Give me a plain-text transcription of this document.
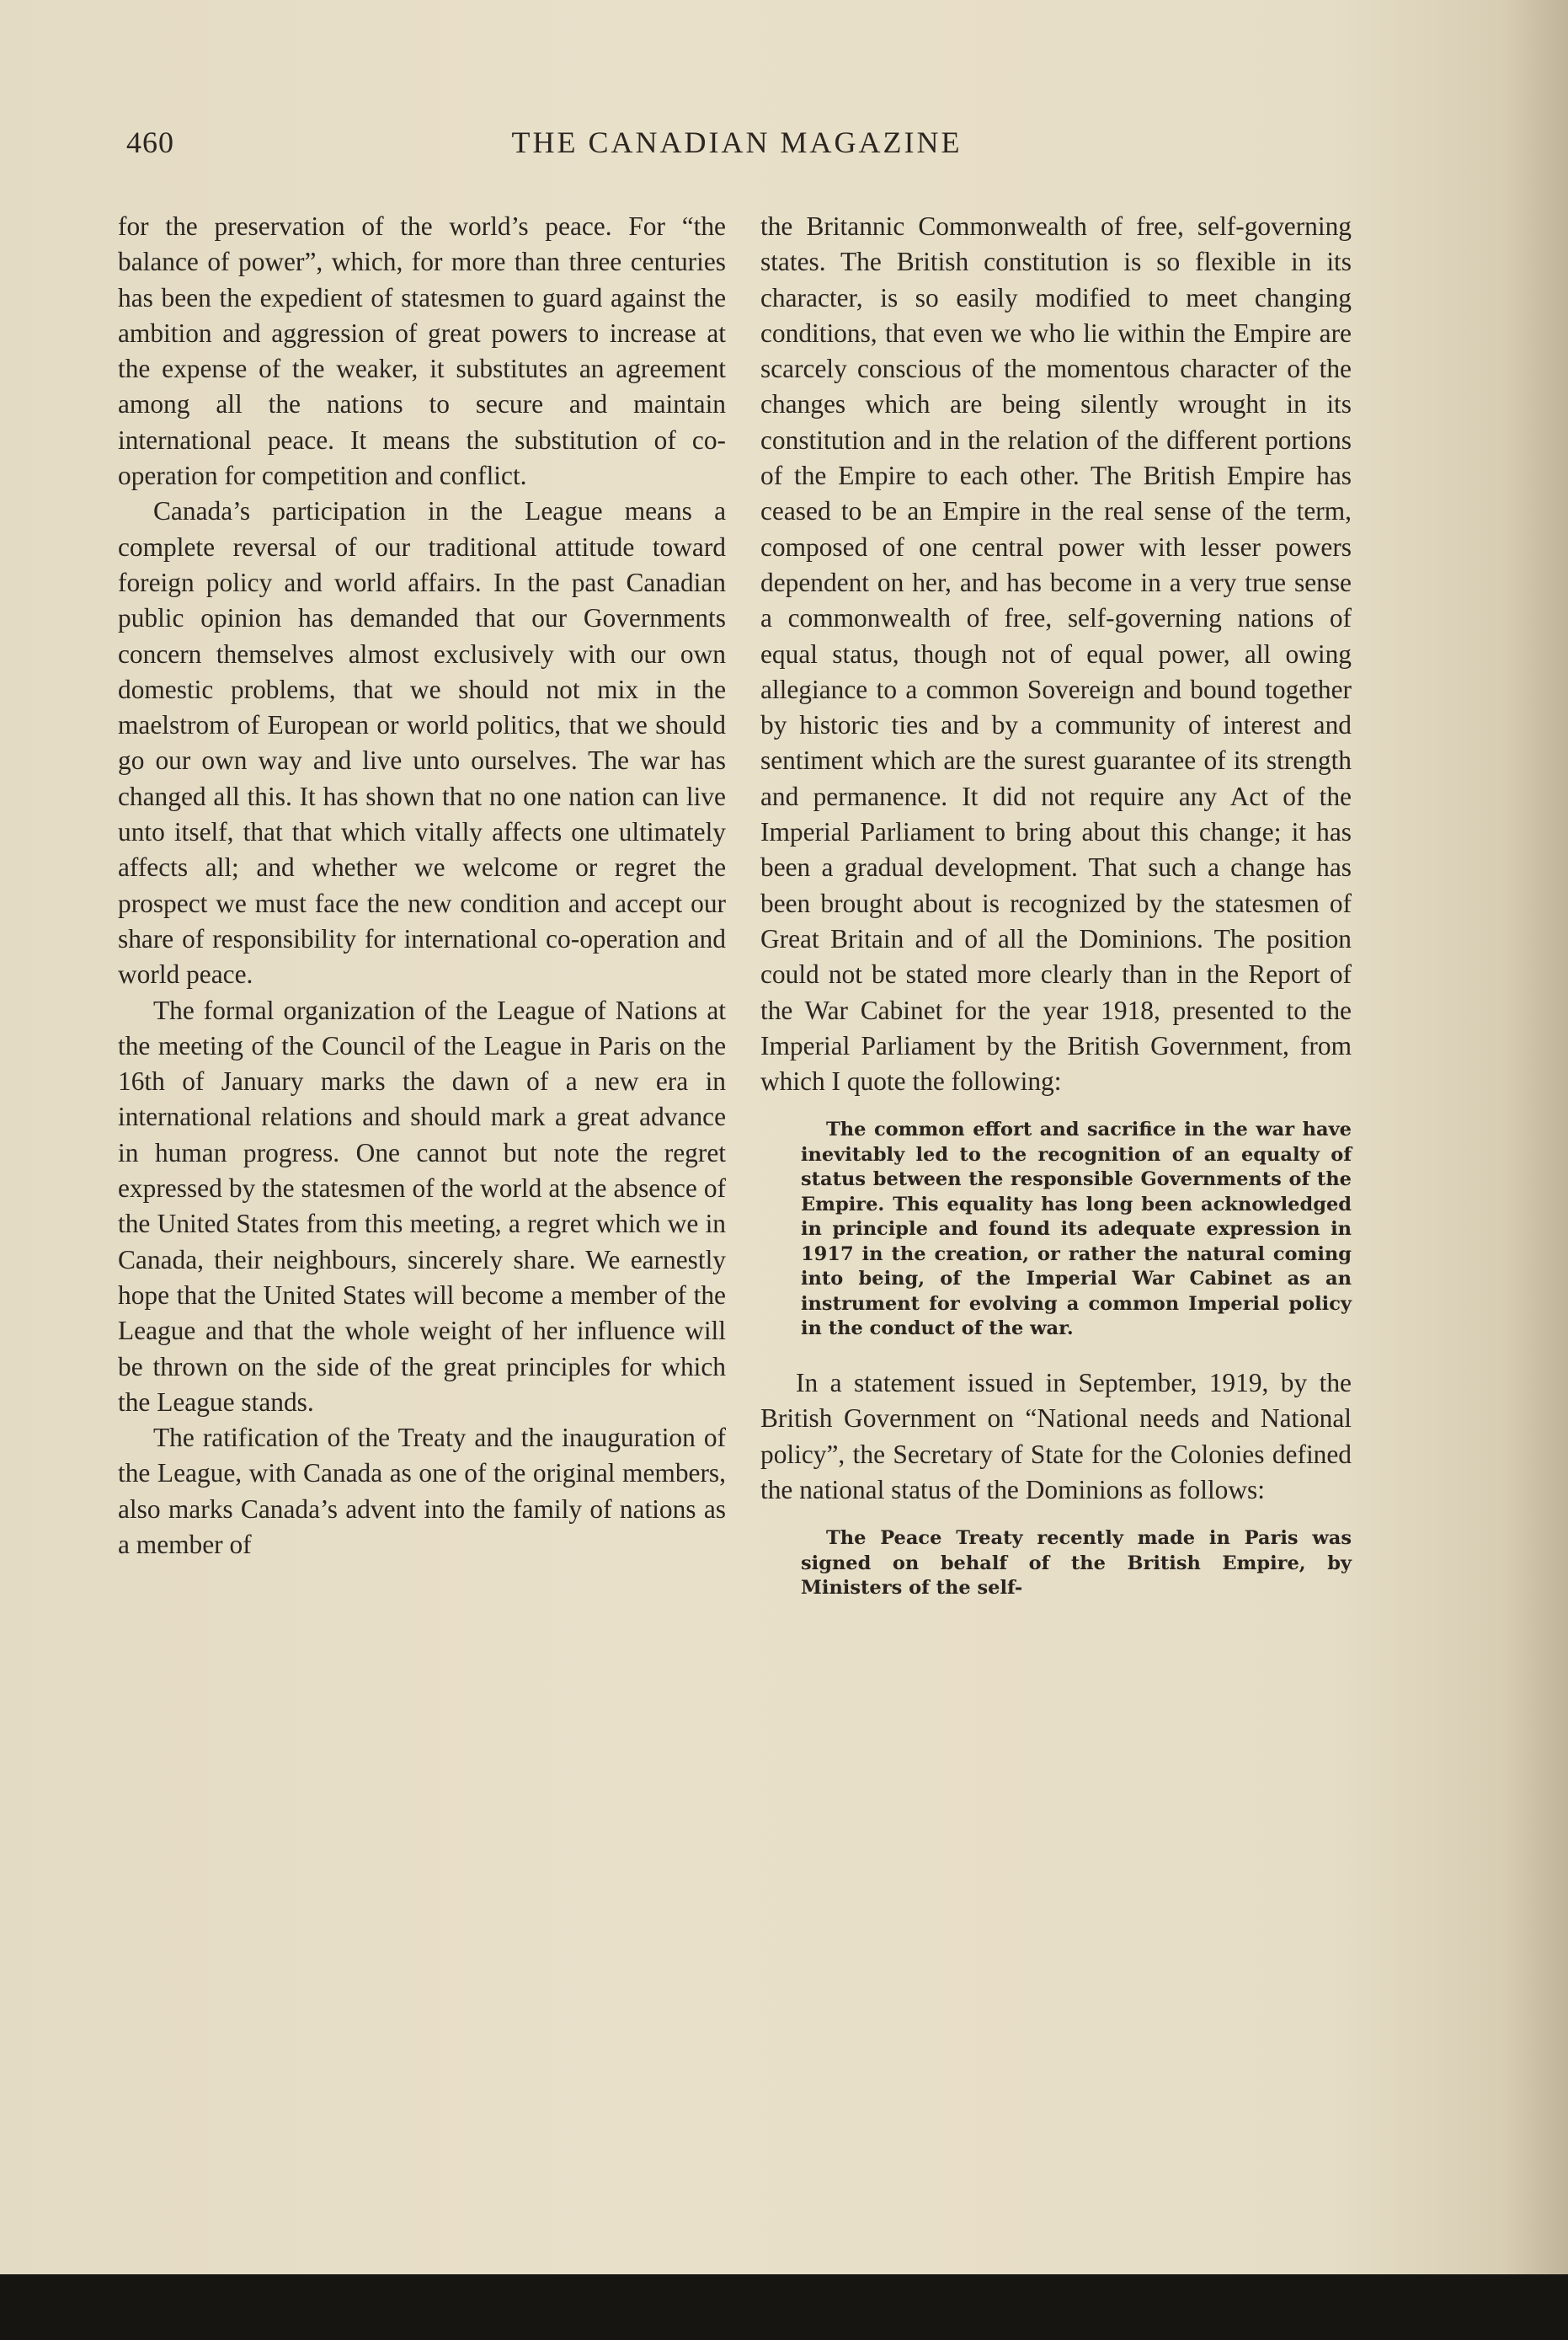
460	THE CANADIAN MAGAZINE

for the preservation of the world’s peace. For “the balance of power”, which, for more than three centuries has been the expedient of statesmen to guard against the ambition and aggression of great powers to increase at the expense of the weaker, it substitutes an agreement among all the nations to secure and maintain international peace. It means the substitution of co-operation for competition and conflict.

Canada’s participation in the League means a complete reversal of our traditional attitude toward foreign policy and world affairs. In the past Canadian public opinion has demanded that our Governments concern themselves almost exclusively with our own domestic problems, that we should not mix in the maelstrom of European or world politics, that we should go our own way and live unto ourselves. The war has changed all this. It has shown that no one nation can live unto itself, that that which vitally affects one ultimately affects all; and whether we welcome or regret the prospect we must face the new condition and accept our share of responsibility for international co-operation and world peace.

The formal organization of the League of Nations at the meeting of the Council of the League in Paris on the 16th of January marks the dawn of a new era in international relations and should mark a great advance in human progress. One cannot but note the regret expressed by the statesmen of the world at the absence of the United States from this meeting, a regret which we in Canada, their neighbours, sincerely share. We earnestly hope that the United States will become a member of the League and that the whole weight of her influence will be thrown on the side of the great principles for which the League stands.

The ratification of the Treaty and the inauguration of the League, with Canada as one of the original members, also marks Canada’s advent into the family of nations as a member of

the Britannic Commonwealth of free, self-governing states. The British constitution is so flexible in its character, is so easily modified to meet changing conditions, that even we who lie within the Empire are scarcely conscious of the momentous character of the changes which are being silently wrought in its constitution and in the relation of the different portions of the Empire to each other. The British Empire has ceased to be an Empire in the real sense of the term, composed of one central power with lesser powers dependent on her, and has become in a very true sense a commonwealth of free, self-governing nations of equal status, though not of equal power, all owing allegiance to a common Sovereign and bound together by historic ties and by a community of interest and sentiment which are the surest guarantee of its strength and permanence. It did not require any Act of the Imperial Parliament to bring about this change; it has been a gradual development. That such a change has been brought about is recognized by the statesmen of Great Britain and of all the Dominions. The position could not be stated more clearly than in the Report of the War Cabinet for the year 1918, presented to the Imperial Parliament by the British Government, from which I quote the following:

The common effort and sacrifice in the war have inevitably led to the recognition of an equalty of status between the responsible Governments of the Empire. This equality has long been acknowledged in principle and found its adequate expression in 1917 in the creation, or rather the natural coming into being, of the Imperial War Cabinet as an instrument for evolving a common Imperial policy in the conduct of the war.

In a statement issued in September, 1919, by the British Government on “National needs and National policy”, the Secretary of State for the Colonies defined the national status of the Dominions as follows:

The Peace Treaty recently made in Paris was signed on behalf of the British Empire, by Ministers of the self-
